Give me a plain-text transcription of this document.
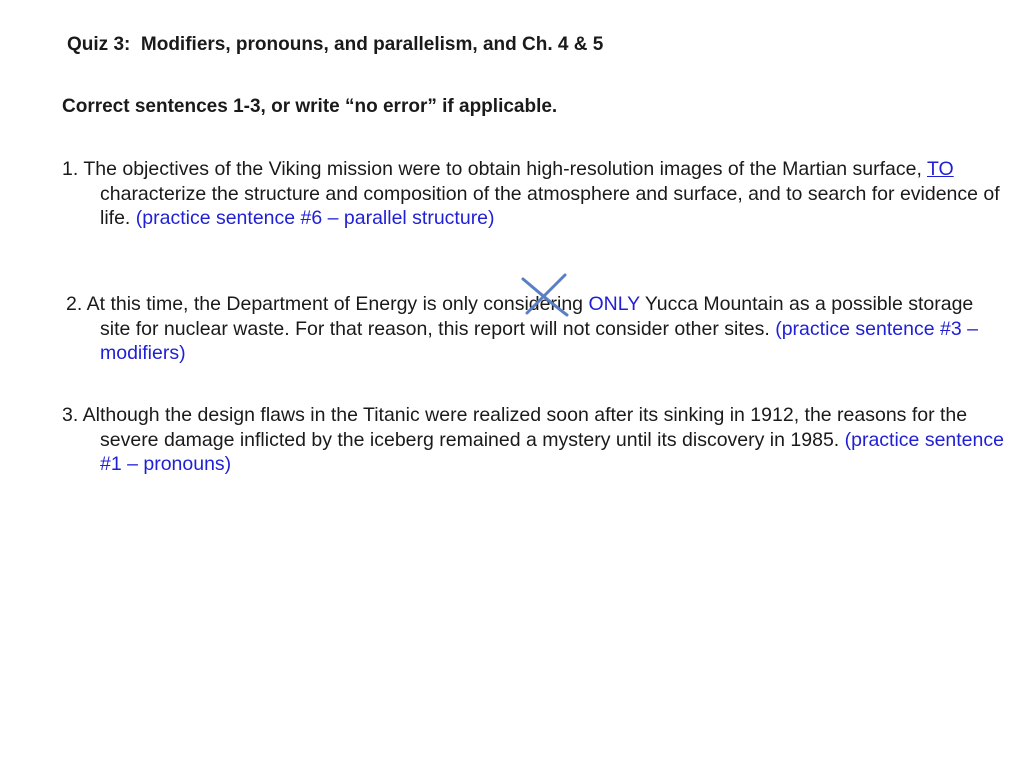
Quiz 3:  Modifiers, pronouns, and parallelism, and Ch. 4 & 5
Correct sentences 1-3, or write “no error” if applicable.
1. The objectives of the Viking mission were to obtain high-resolution images of the Martian surface, TO characterize the structure and composition of the atmosphere and surface, and to search for evidence of life. (practice sentence #6 – parallel structure)
2. At this time, the Department of Energy is only considering ONLY Yucca Mountain as a possible storage site for nuclear waste. For that reason, this report will not consider other sites. (practice sentence #3 – modifiers)
3. Although the design flaws in the Titanic were realized soon after its sinking in 1912, the reasons for the severe damage inflicted by the iceberg remained a mystery until its discovery in 1985. (practice sentence #1 – pronouns)
